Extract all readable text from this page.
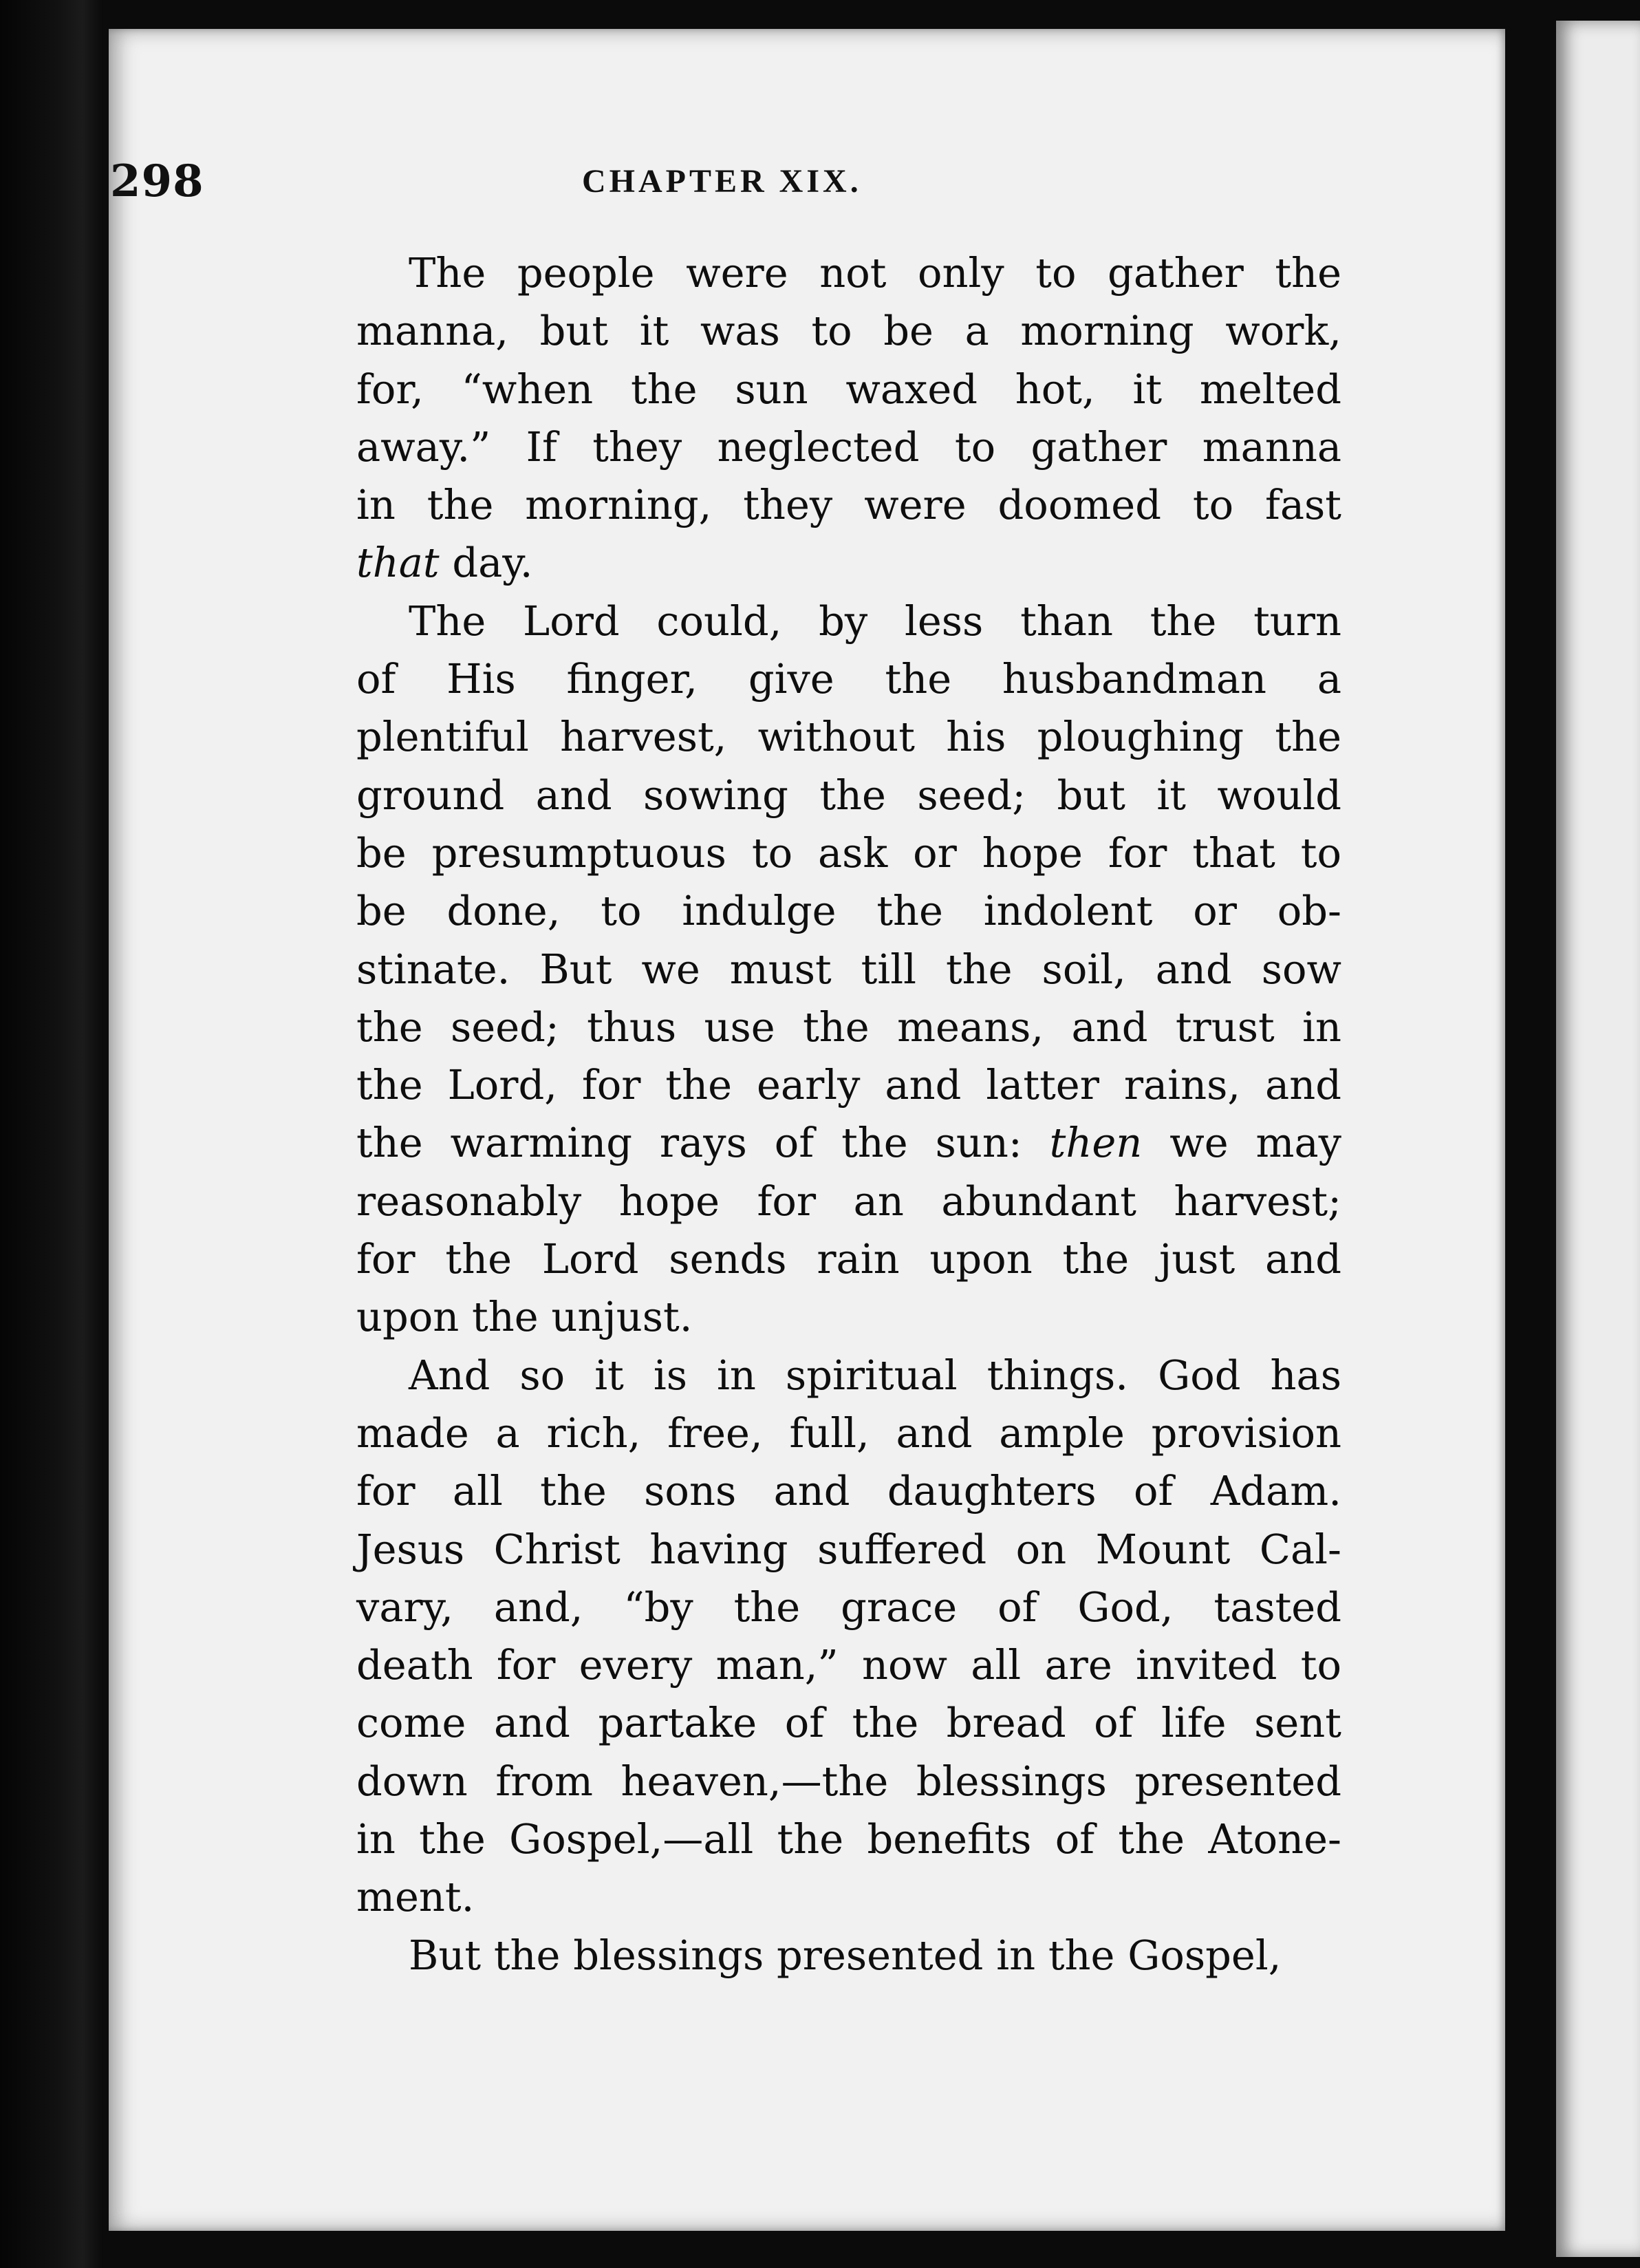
298	CHAPTER XIX.
The people were not only to gather the
manna, but it was to be a morning work,
for, “when the sun waxed hot, it melted
away.” If they neglected to gather manna
in the morning, they were doomed to fast
that day.
The Lord could, by less than the turn
of His finger, give the husbandman a
plentiful harvest, without his ploughing the
ground and sowing the seed; but it would
be presumptuous to ask or hope for that to
be done, to indulge the indolent or ob-
stinate. But we must till the soil, and sow
the seed; thus use the means, and trust in
the Lord, for the early and latter rains, and
the warming rays of the sun: then we may
reasonably hope for an abundant harvest;
for the Lord sends rain upon the just and
upon the unjust.
And so it is in spiritual things. God has
made a rich, free, full, and ample provision
for all the sons and daughters of Adam.
Jesus Christ having suffered on Mount Cal-
vary, and, “by the grace of God, tasted
death for every man,” now all are invited to
come and partake of the bread of life sent
down from heaven,—the blessings presented
in the Gospel,—all the benefits of the Atone-
ment.
But the blessings presented in the Gospel,
